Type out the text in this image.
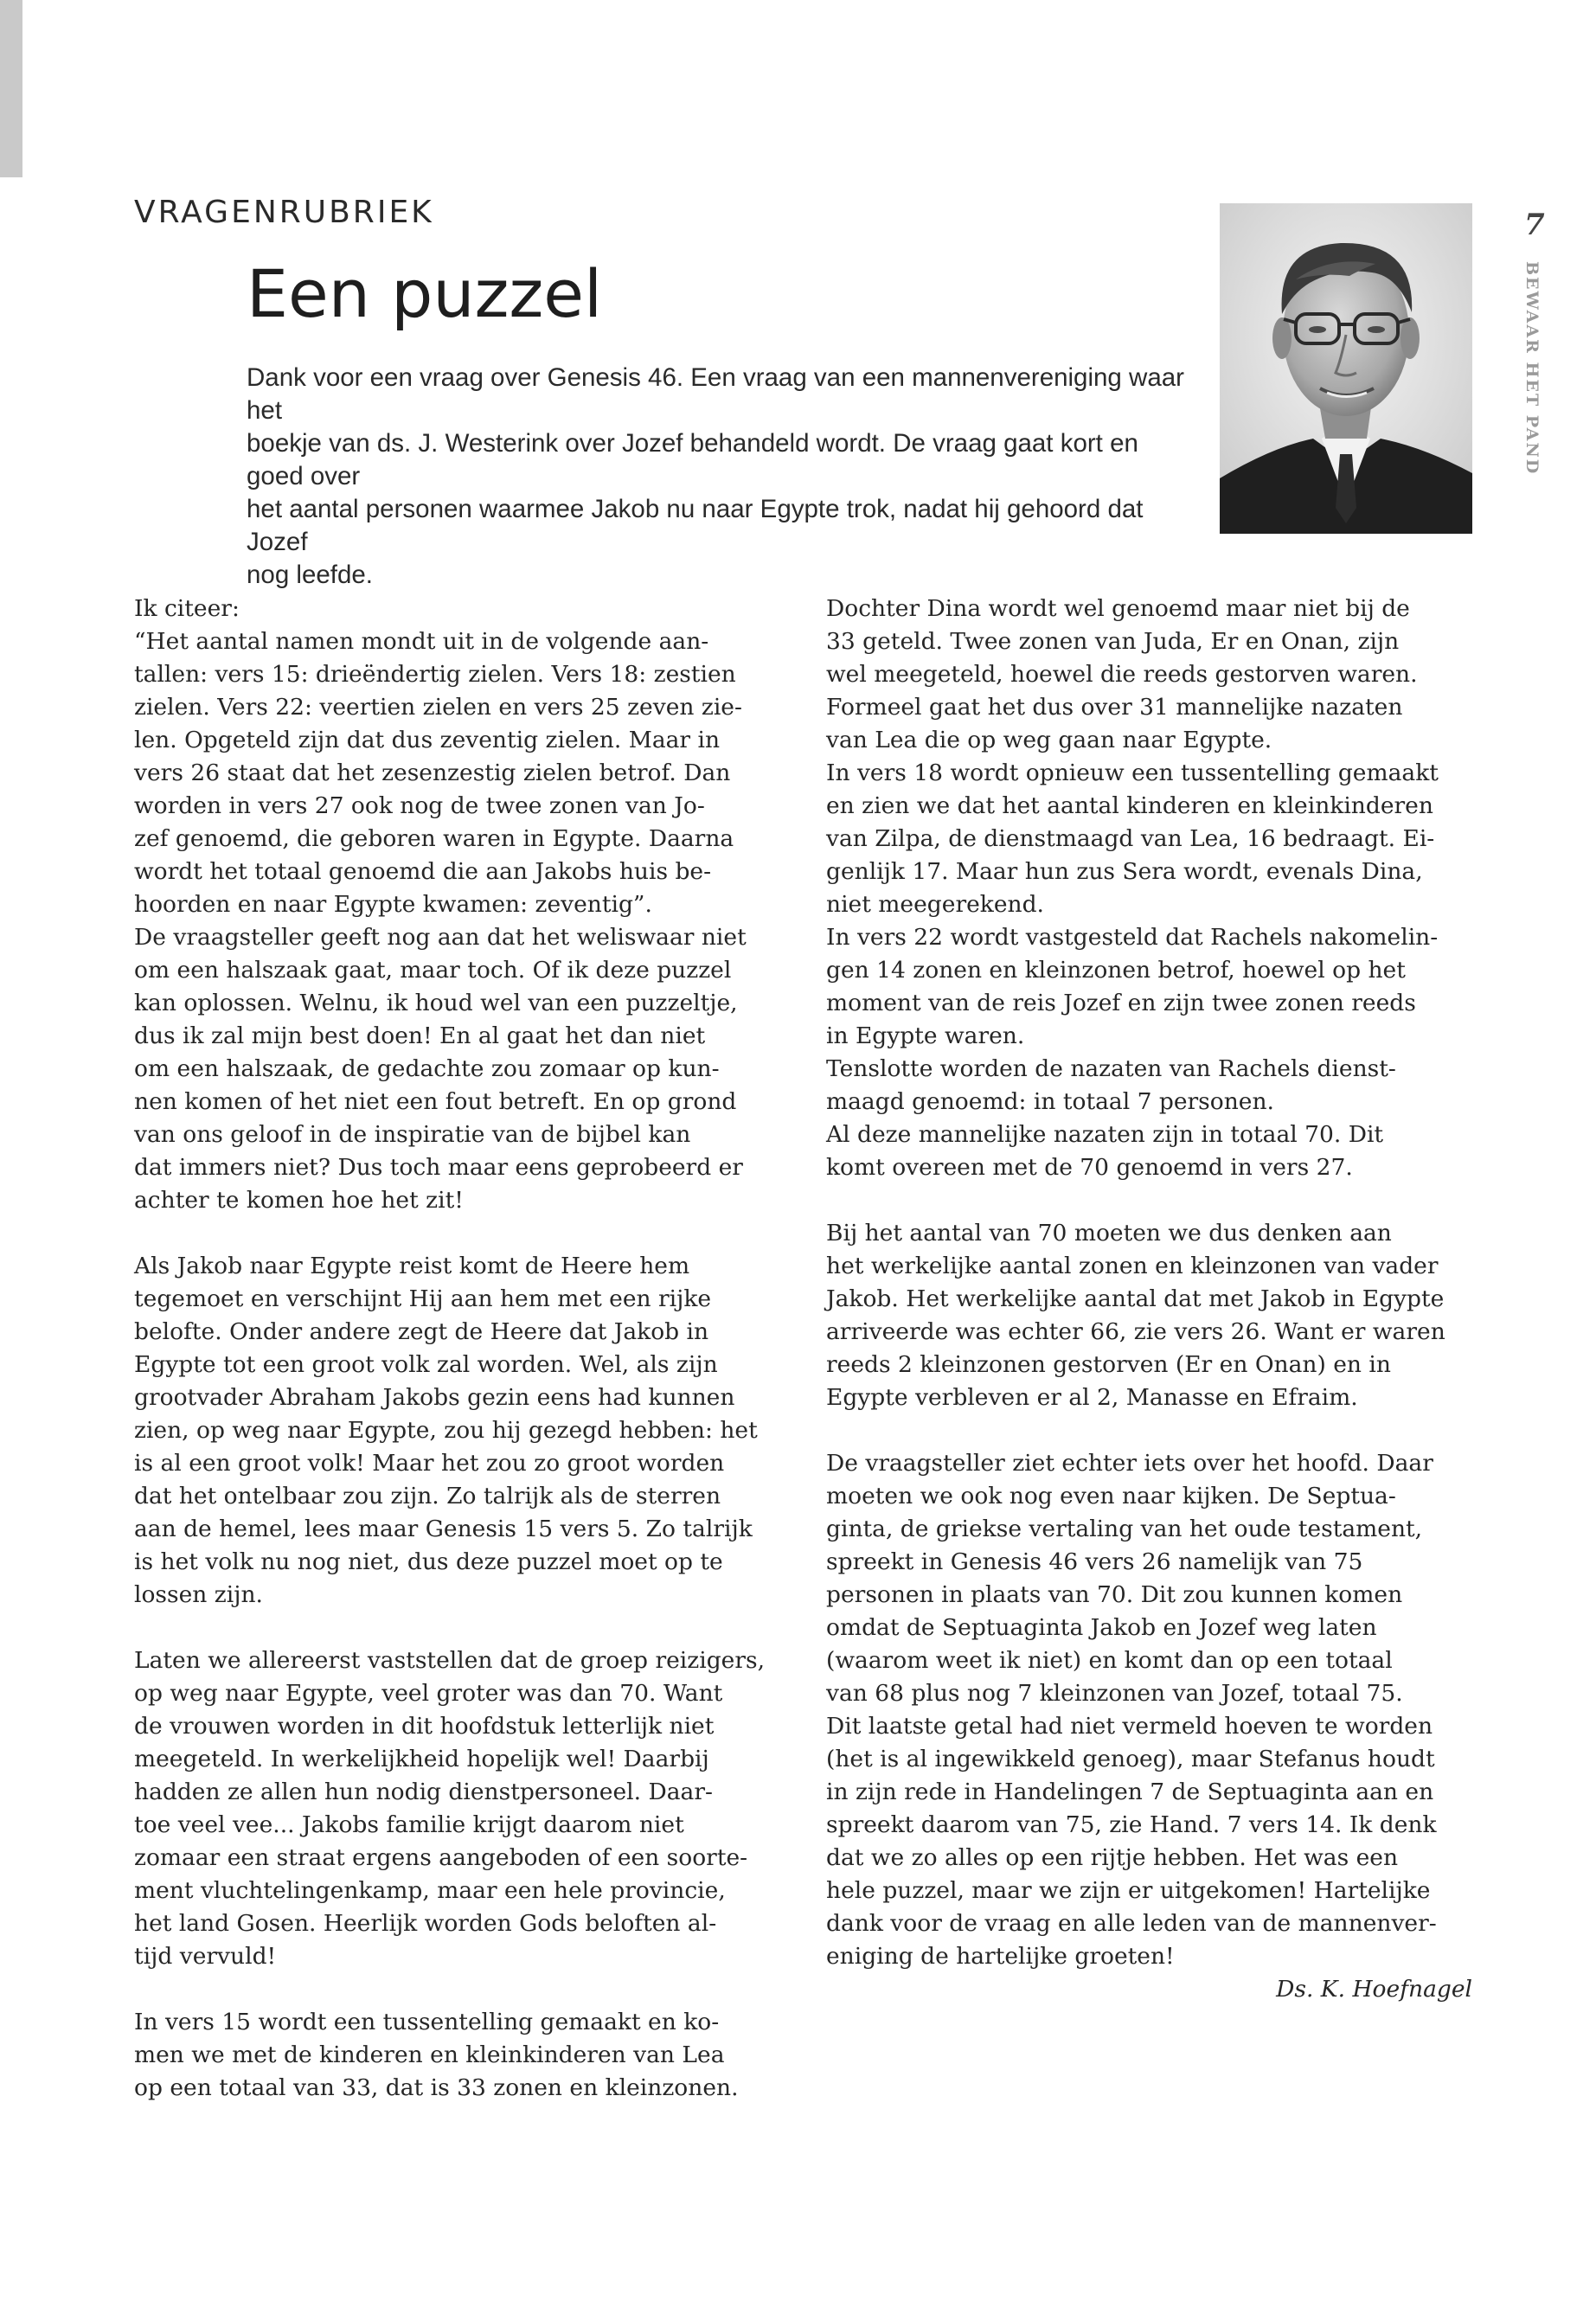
VRAGENRUBRIEK
Een puzzel
Dank voor een vraag over Genesis 46. Een vraag van een mannenvereniging waar het
boekje van ds. J. Westerink over Jozef behandeld wordt. De vraag gaat kort en goed over
het aantal personen waarmee Jakob nu naar Egypte trok, nadat hij gehoord dat Jozef
nog leefde.
7
BEWAAR HET PAND
Ik citeer:
“Het aantal namen mondt uit in de volgende aan-
tallen: vers 15: drieëndertig zielen. Vers 18: zestien
zielen. Vers 22: veertien zielen en vers 25 zeven zie-
len. Opgeteld zijn dat dus zeventig zielen. Maar in
vers 26 staat dat het zesenzestig zielen betrof. Dan
worden in vers 27 ook nog de twee zonen van Jo-
zef genoemd, die geboren waren in Egypte. Daarna
wordt het totaal genoemd die aan Jakobs huis be-
hoorden en naar Egypte kwamen: zeventig”.
De vraagsteller geeft nog aan dat het weliswaar niet
om een halszaak gaat, maar toch. Of ik deze puzzel
kan oplossen. Welnu, ik houd wel van een puzzeltje,
dus ik zal mijn best doen! En al gaat het dan niet
om een halszaak, de gedachte zou zomaar op kun-
nen komen of het niet een fout betreft. En op grond
van ons geloof in de inspiratie van de bijbel kan
dat immers niet? Dus toch maar eens geprobeerd er
achter te komen hoe het zit!
Als Jakob naar Egypte reist komt de Heere hem
tegemoet en verschijnt Hij aan hem met een rijke
belofte. Onder andere zegt de Heere dat Jakob in
Egypte tot een groot volk zal worden. Wel, als zijn
grootvader Abraham Jakobs gezin eens had kunnen
zien, op weg naar Egypte, zou hij gezegd hebben: het
is al een groot volk! Maar het zou zo groot worden
dat het ontelbaar zou zijn. Zo talrijk als de sterren
aan de hemel, lees maar Genesis 15 vers 5. Zo talrijk
is het volk nu nog niet, dus deze puzzel moet op te
lossen zijn.
Laten we allereerst vaststellen dat de groep reizigers,
op weg naar Egypte, veel groter was dan 70. Want
de vrouwen worden in dit hoofdstuk letterlijk niet
meegeteld. In werkelijkheid hopelijk wel! Daarbij
hadden ze allen hun nodig dienstpersoneel. Daar-
toe veel vee... Jakobs familie krijgt daarom niet
zomaar een straat ergens aangeboden of een soorte-
ment vluchtelingenkamp, maar een hele provincie,
het land Gosen. Heerlijk worden Gods beloften al-
tijd vervuld!
In vers 15 wordt een tussentelling gemaakt en ko-
men we met de kinderen en kleinkinderen van Lea
op een totaal van 33, dat is 33 zonen en kleinzonen.
Dochter Dina wordt wel genoemd maar niet bij de
33 geteld. Twee zonen van Juda, Er en Onan, zijn
wel meegeteld, hoewel die reeds gestorven waren.
Formeel gaat het dus over 31 mannelijke nazaten
van Lea die op weg gaan naar Egypte.
In vers 18 wordt opnieuw een tussentelling gemaakt
en zien we dat het aantal kinderen en kleinkinderen
van Zilpa, de dienstmaagd van Lea, 16 bedraagt. Ei-
genlijk 17. Maar hun zus Sera wordt, evenals Dina,
niet meegerekend.
In vers 22 wordt vastgesteld dat Rachels nakomelin-
gen 14 zonen en kleinzonen betrof, hoewel op het
moment van de reis Jozef en zijn twee zonen reeds
in Egypte waren.
Tenslotte worden de nazaten van Rachels dienst-
maagd genoemd: in totaal 7 personen.
Al deze mannelijke nazaten zijn in totaal 70. Dit
komt overeen met de 70 genoemd in vers 27.
Bij het aantal van 70 moeten we dus denken aan
het werkelijke aantal zonen en kleinzonen van vader
Jakob. Het werkelijke aantal dat met Jakob in Egypte
arriveerde was echter 66, zie vers 26. Want er waren
reeds 2 kleinzonen gestorven (Er en Onan) en in
Egypte verbleven er al 2, Manasse en Efraim.
De vraagsteller ziet echter iets over het hoofd. Daar
moeten we ook nog even naar kijken. De Septua-
ginta, de griekse vertaling van het oude testament,
spreekt in Genesis 46 vers 26 namelijk van 75
personen in plaats van 70. Dit zou kunnen komen
omdat de Septuaginta Jakob en Jozef weg laten
(waarom weet ik niet) en komt dan op een totaal
van 68 plus nog 7 kleinzonen van Jozef, totaal 75.
Dit laatste getal had niet vermeld hoeven te worden
(het is al ingewikkeld genoeg), maar Stefanus houdt
in zijn rede in Handelingen 7 de Septuaginta aan en
spreekt daarom van 75, zie Hand. 7 vers 14. Ik denk
dat we zo alles op een rijtje hebben. Het was een
hele puzzel, maar we zijn er uitgekomen! Hartelijke
dank voor de vraag en alle leden van de mannenver-
eniging de hartelijke groeten!
Ds. K. Hoefnagel
